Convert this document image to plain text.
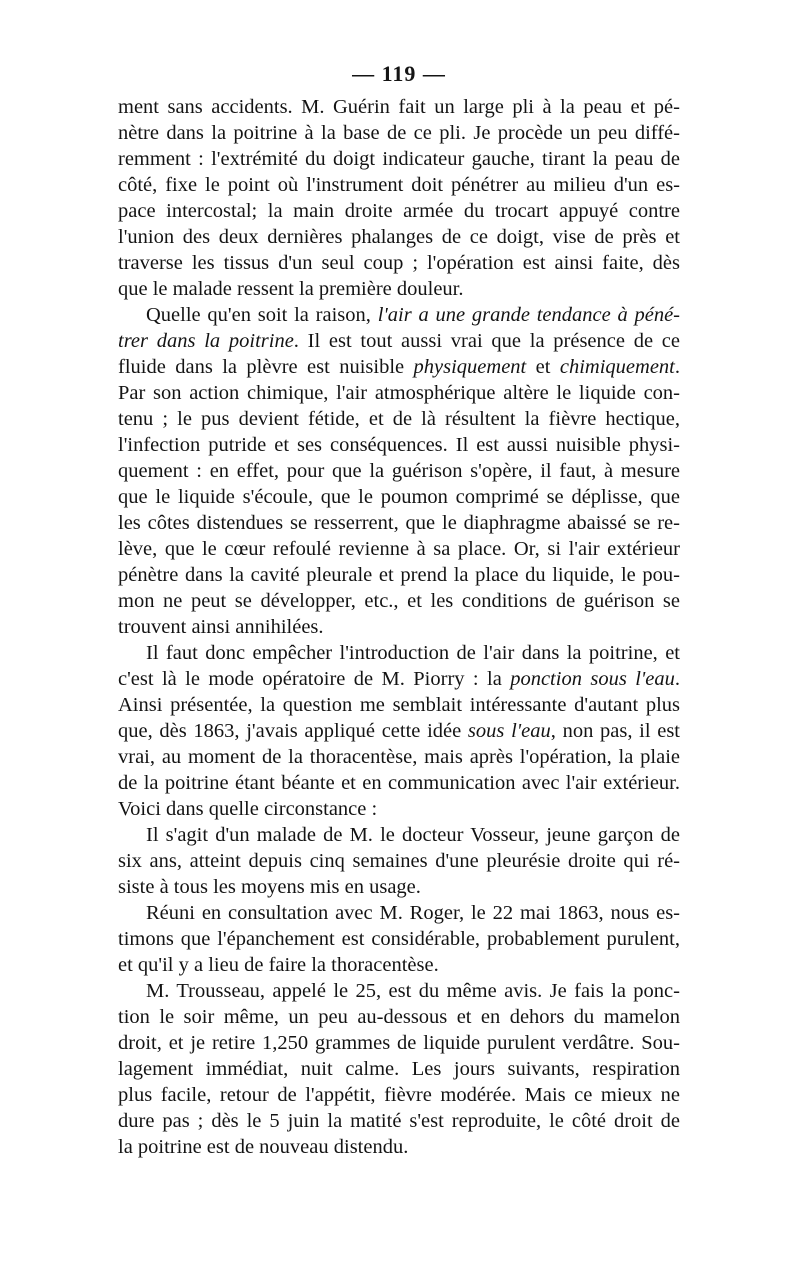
— 119 —
ment sans accidents. M. Guérin fait un large pli à la peau et pé-
nètre dans la poitrine à la base de ce pli. Je procède un peu diffé-
remment : l'extrémité du doigt indicateur gauche, tirant la peau de
côté, fixe le point où l'instrument doit pénétrer au milieu d'un es-
pace intercostal; la main droite armée du trocart appuyé contre
l'union des deux dernières phalanges de ce doigt, vise de près et
traverse les tissus d'un seul coup ; l'opération est ainsi faite, dès
que le malade ressent la première douleur.
Quelle qu'en soit la raison, l'air a une grande tendance à péné-
trer dans la poitrine. Il est tout aussi vrai que la présence de ce
fluide dans la plèvre est nuisible physiquement et chimiquement.
Par son action chimique, l'air atmosphérique altère le liquide con-
tenu ; le pus devient fétide, et de là résultent la fièvre hectique,
l'infection putride et ses conséquences. Il est aussi nuisible physi-
quement : en effet, pour que la guérison s'opère, il faut, à mesure
que le liquide s'écoule, que le poumon comprimé se déplisse, que
les côtes distendues se resserrent, que le diaphragme abaissé se re-
lève, que le cœur refoulé revienne à sa place. Or, si l'air extérieur
pénètre dans la cavité pleurale et prend la place du liquide, le pou-
mon ne peut se développer, etc., et les conditions de guérison se
trouvent ainsi annihilées.
Il faut donc empêcher l'introduction de l'air dans la poitrine, et
c'est là le mode opératoire de M. Piorry : la ponction sous l'eau.
Ainsi présentée, la question me semblait intéressante d'autant plus
que, dès 1863, j'avais appliqué cette idée sous l'eau, non pas, il est
vrai, au moment de la thoracentèse, mais après l'opération, la plaie
de la poitrine étant béante et en communication avec l'air extérieur.
Voici dans quelle circonstance :
Il s'agit d'un malade de M. le docteur Vosseur, jeune garçon de
six ans, atteint depuis cinq semaines d'une pleurésie droite qui ré-
siste à tous les moyens mis en usage.
Réuni en consultation avec M. Roger, le 22 mai 1863, nous es-
timons que l'épanchement est considérable, probablement purulent,
et qu'il y a lieu de faire la thoracentèse.
M. Trousseau, appelé le 25, est du même avis. Je fais la ponc-
tion le soir même, un peu au-dessous et en dehors du mamelon
droit, et je retire 1,250 grammes de liquide purulent verdâtre. Sou-
lagement immédiat, nuit calme. Les jours suivants, respiration
plus facile, retour de l'appétit, fièvre modérée. Mais ce mieux ne
dure pas ; dès le 5 juin la matité s'est reproduite, le côté droit de
la poitrine est de nouveau distendu.
